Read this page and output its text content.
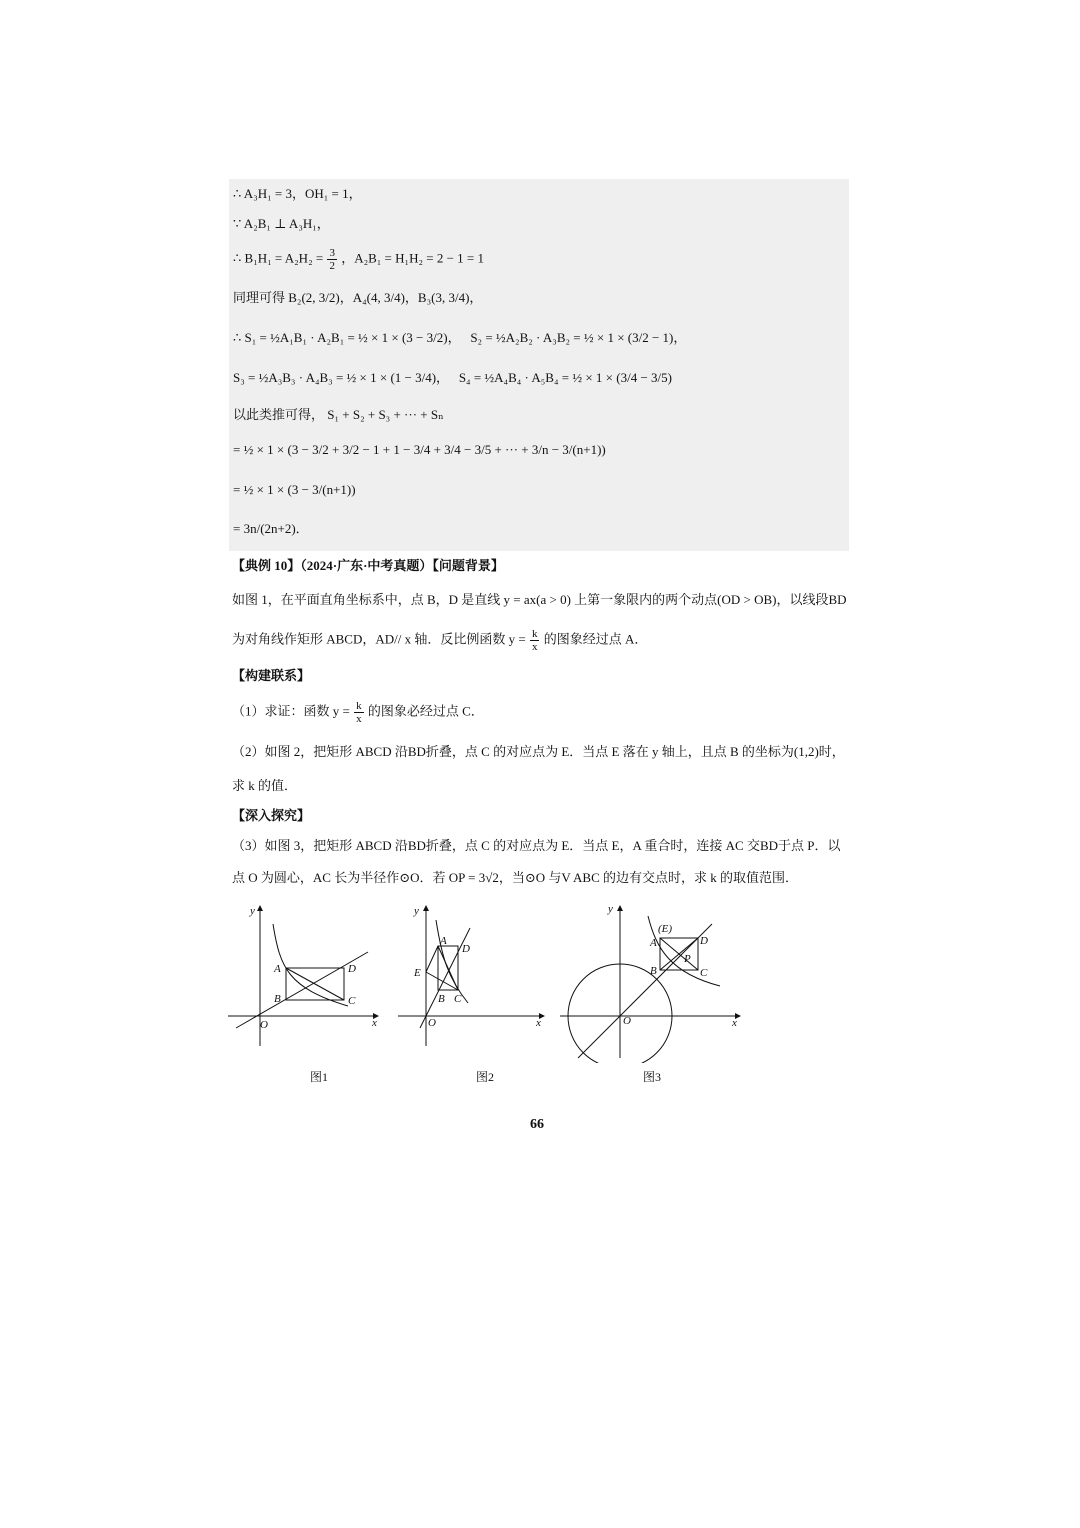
∴ A₃H₁ = 3，OH₁ = 1，
∵ A₂B₁ ⊥ A₃H₁，
∴ $B_1H_1 = A_2H_2 = \frac{3}{2}$ ，A₂B₁ = H₁H₂ = 2 − 1 = 1
同理可得 B₂(2, 3/2)，A₄(4, 3/4)，B₃(3, 3/4)，
∴ S₁ = ½A₁B₁ · A₂B₁ = ½ × 1 × (3 − 3/2)， S₂ = ½A₂B₂ · A₃B₂ = ½ × 1 × (3/2 − 1)，
S₃ = ½A₃B₃ · A₄B₃ = ½ × 1 × (1 − 3/4)， S₄ = ½A₄B₄ · A₅B₄ = ½ × 1 × (3/4 − 3/5)
以此类推可得， S₁ + S₂ + S₃ + ··· + Sₙ
= ½ × 1 × (3 − 3/2 + 3/2 − 1 + 1 − 3/4 + 3/4 − 3/5 + ··· + 3/n − 3/(n+1))
= ½ × 1 × (3 − 3/(n+1))
= 3n/(2n+2)．
【典例 10】（2024·广东·中考真题）【问题背景】
如图 1，在平面直角坐标系中，点 B，D 是直线 y = ax(a > 0) 上第一象限内的两个动点(OD > OB)，以线段BD
为对角线作矩形 ABCD，AD// x 轴．反比例函数 $y = \frac{k}{x}$ 的图象经过点 A．
【构建联系】
（1）求证：函数 $y = \frac{k}{x}$ 的图象必经过点 C．
（2）如图 2，把矩形 ABCD 沿BD折叠，点 C 的对应点为 E．当点 E 落在 y 轴上，且点 B 的坐标为(1,2)时，
求 k 的值．
【深入探究】
（3）如图 3，把矩形 ABCD 沿BD折叠，点 C 的对应点为 E．当点 E，A 重合时，连接 AC 交BD于点 P．以
点 O 为圆心，AC 长为半径作⊙O．若 OP = 3√2，当⊙O 与V ABC 的边有交点时，求 k 的取值范围．
y
x
O
A
B	C
D
图1
y
x
O
A
D
E
B C
图2
y
x
O
(E)
A	D
B
P
C
图3
66
